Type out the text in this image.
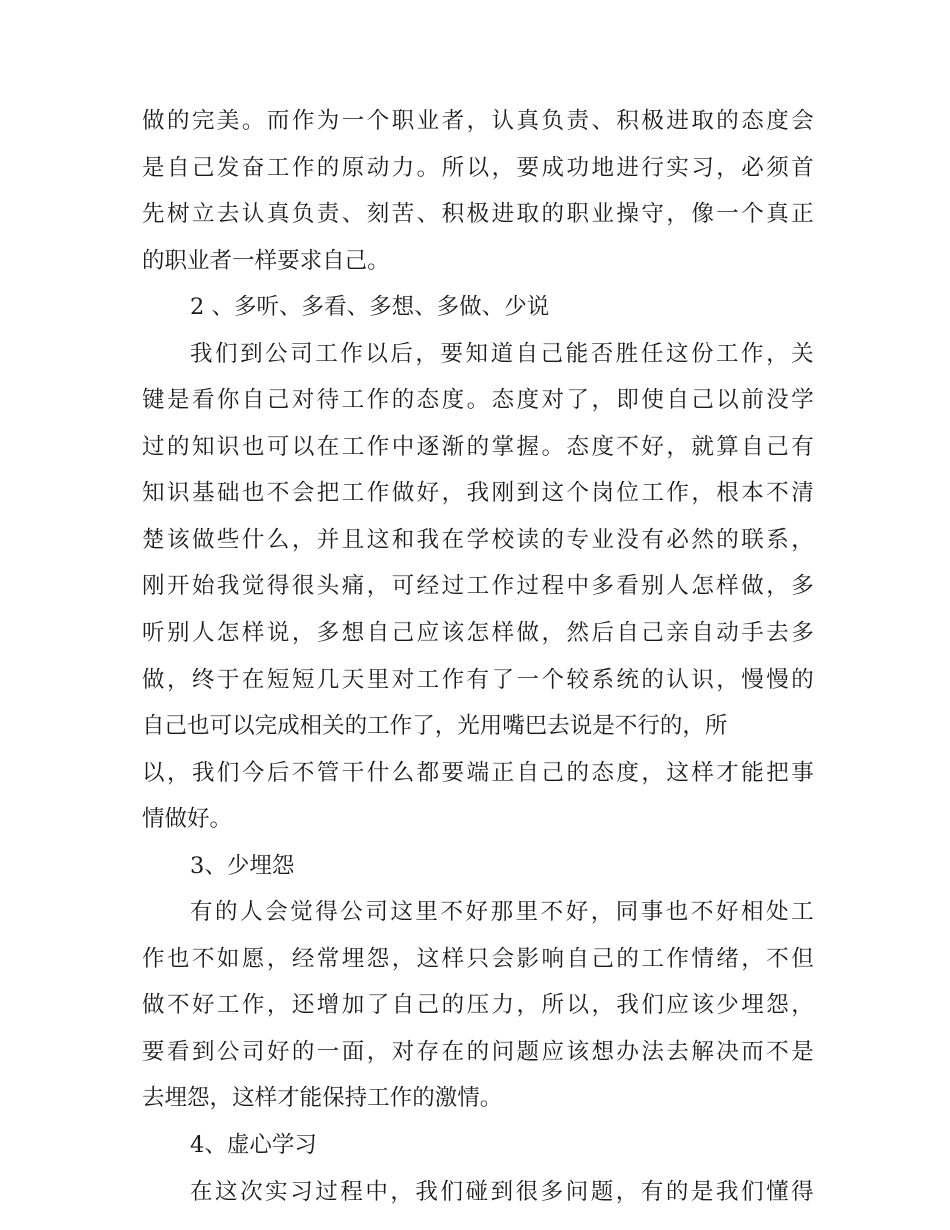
做 的 完 美 。 而 作 为 一 个 职 业 者 ， 认 真 负 责 、 积 极 进 取 的 态 度 会
是 自 己 发 奋 工 作 的 原 动 力 。 所 以 ， 要 成 功 地 进 行 实 习 ， 必 须 首
先 树 立 去 认 真 负 责 、 刻 苦 、 积 极 进 取 的 职 业 操 守 ， 像 一 个 真 正
的 职 业 者 一 样 要 求 自 己 。
2
、 多 听 、 多 看 、 多 想 、 多 做 、 少 说
我 们 到 公 司 工 作 以 后 ， 要 知 道 自 己 能 否 胜 任 这 份 工 作 ， 关
键 是 看 你 自 己 对 待 工 作 的 态 度 。 态 度 对 了 ， 即 使 自 己 以 前 没 学
过 的 知 识 也 可 以 在 工 作 中 逐 渐 的 掌 握 。 态 度 不 好 ， 就 算 自 己 有
知 识 基 础 也 不 会 把 工 作 做 好 ， 我 刚 到 这 个 岗 位 工 作 ， 根 本 不 清
楚 该 做 些 什 么 ， 并 且 这 和 我 在 学 校 读 的 专 业 没 有 必 然 的 联 系 ，
刚 开 始 我 觉 得 很 头 痛 ， 可 经 过 工 作 过 程 中 多 看 别 人 怎 样 做 ， 多
听 别 人 怎 样 说 ， 多 想 自 己 应 该 怎 样 做 ， 然 后 自 己 亲 自 动 手 去 多
做 ， 终 于 在 短 短 几 天 里 对 工 作 有 了 一 个 较 系 统 的 认 识 ， 慢 慢 的
自 己 也 可 以 完 成 相 关 的 工 作 了 ， 光 用 嘴 巴 去 说 是 不 行 的 ， 所
以 ， 我 们 今 后 不 管 干 什 么 都 要 端 正 自 己 的 态 度 ， 这 样 才 能 把 事
情 做 好 。
3 、 少 埋 怨
有 的 人 会 觉 得 公 司 这 里 不 好 那 里 不 好 ， 同 事 也 不 好 相 处 工
作 也 不 如 愿 ， 经 常 埋 怨 ， 这 样 只 会 影 响 自 己 的 工 作 情 绪 ， 不 但
做 不 好 工 作 ， 还 增 加 了 自 己 的 压 力 ， 所 以 ， 我 们 应 该 少 埋 怨 ，
要 看 到 公 司 好 的 一 面 ， 对 存 在 的 问 题 应 该 想 办 法 去 解 决 而 不 是
去 埋 怨 ， 这 样 才 能 保 持 工 作 的 激 情 。
4 、 虚 心 学 习
在 这 次 实 习 过 程 中 ， 我 们 碰 到 很 多 问 题 ， 有 的 是 我 们 懂 得
